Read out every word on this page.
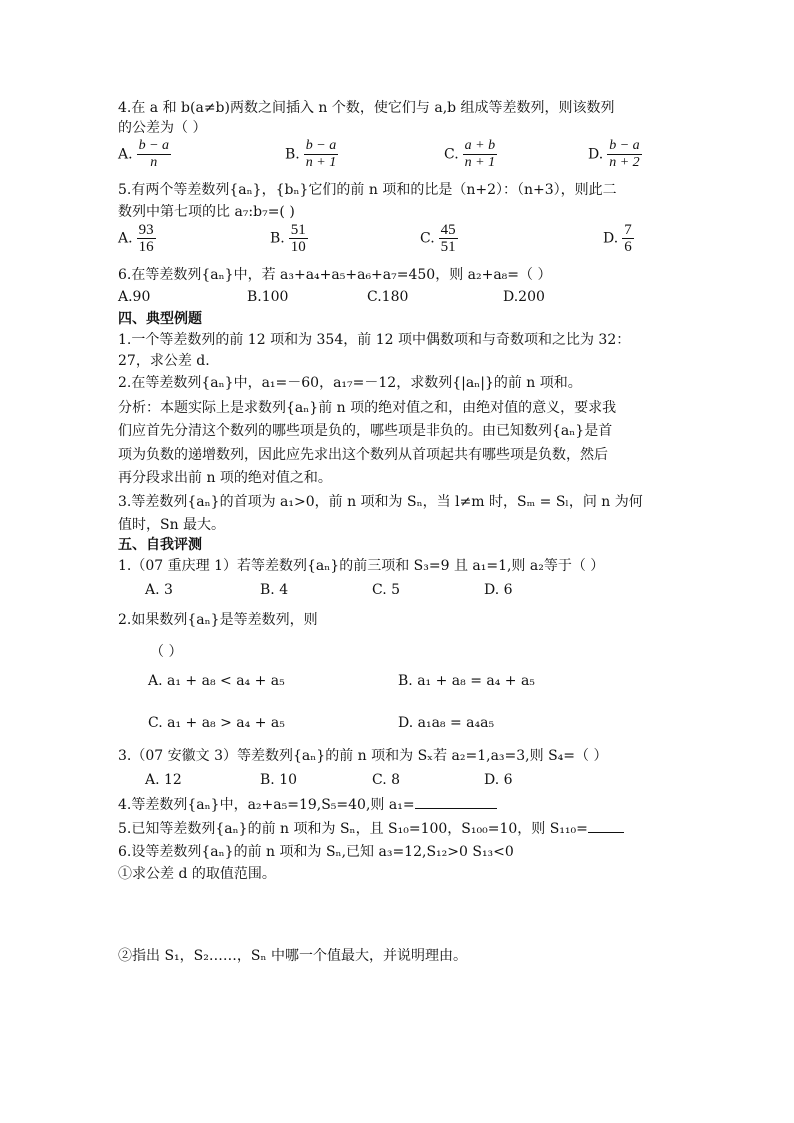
4.在 a 和 b(a≠b)两数之间插入 n 个数，使它们与 a,b 组成等差数列，则该数列
的公差为（ ）
A. $\frac{b - a}{n}$	B. $\frac{b - a}{n + 1}$	C. $\frac{a + b}{n + 1}$	D. $\frac{b - a}{n + 2}$
5.有两个等差数列{aₙ}，{bₙ}它们的前 n 项和的比是（n+2）：（n+3），则此二
数列中第七项的比 a₇:b₇=( )
A. $\frac{93}{16}$	B. $\frac{51}{10}$	C. $\frac{45}{51}$	D. $\frac{7}{6}$
6.在等差数列{aₙ}中，若 a₃+a₄+a₅+a₆+a₇=450，则 a₂+a₈=（ ）
A.90	B.100	C.180	D.200
四、典型例题
1.一个等差数列的前 12 项和为 354，前 12 项中偶数项和与奇数项和之比为 32：
27，求公差 d.
2.在等差数列{aₙ}中，a₁=－60，a₁₇=－12，求数列{|aₙ|}的前 n 项和。
分析：本题实际上是求数列{aₙ}前 n 项的绝对值之和，由绝对值的意义，要求我
们应首先分清这个数列的哪些项是负的，哪些项是非负的。由已知数列{aₙ}是首
项为负数的递增数列，因此应先求出这个数列从首项起共有哪些项是负数，然后
再分段求出前 n 项的绝对值之和。
3.等差数列{aₙ}的首项为 a₁>0，前 n 项和为 Sₙ，当 l≠m 时，Sₘ = Sₗ，问 n 为何
值时，Sn 最大。
五、自我评测
1.（07 重庆理 1）若等差数列{aₙ}的前三项和 S₃=9 且 a₁=1,则 a₂等于（ ）
A. 3	B. 4	C. 5	D. 6
2.如果数列{aₙ}是等差数列，则
（ ）
A. a₁ + a₈ < a₄ + a₅	B. a₁ + a₈ = a₄ + a₅
C. a₁ + a₈ > a₄ + a₅	D. a₁a₈ = a₄a₅
3.（07 安徽文 3）等差数列{aₙ}的前 n 项和为 Sₓ若 a₂=1,a₃=3,则 S₄=（ ）
A. 12	B. 10	C. 8	D. 6
4.等差数列{aₙ}中，a₂+a₅=19,S₅=40,则 a₁=
5.已知等差数列{aₙ}的前 n 项和为 Sₙ，且 S₁₀=100，S₁₀₀=10，则 S₁₁₀=
6.设等差数列{aₙ}的前 n 项和为 Sₙ,已知 a₃=12,S₁₂>0 S₁₃<0
①求公差 d 的取值范围。
②指出 S₁，S₂……，Sₙ 中哪一个值最大，并说明理由。
